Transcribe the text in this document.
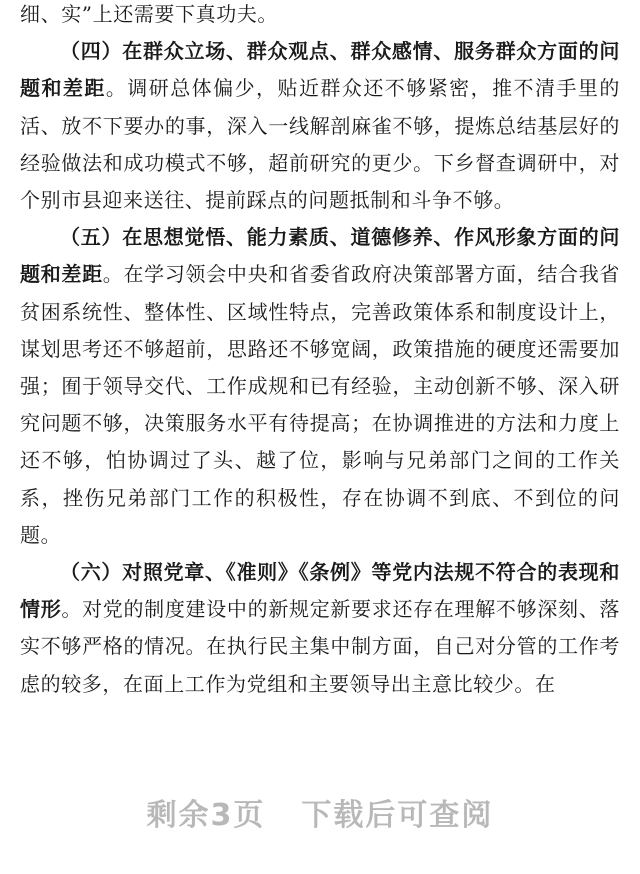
细、实”上还需要下真功夫。

（四）在群众立场、群众观点、群众感情、服务群众方面的问题和差距。调研总体偏少，贴近群众还不够紧密，推不清手里的活、放不下要办的事，深入一线解剖麻雀不够，提炼总结基层好的经验做法和成功模式不够，超前研究的更少。下乡督查调研中，对个别市县迎来送往、提前踩点的问题抵制和斗争不够。

（五）在思想觉悟、能力素质、道德修养、作风形象方面的问题和差距。在学习领会中央和省委省政府决策部署方面，结合我省贫困系统性、整体性、区域性特点，完善政策体系和制度设计上，谋划思考还不够超前，思路还不够宽阔，政策措施的硬度还需要加强；囿于领导交代、工作成规和已有经验，主动创新不够、深入研究问题不够，决策服务水平有待提高；在协调推进的方法和力度上还不够，怕协调过了头、越了位，影响与兄弟部门之间的工作关系，挫伤兄弟部门工作的积极性，存在协调不到底、不到位的问题。

（六）对照党章、《准则》《条例》等党内法规不符合的表现和情形。对党的制度建设中的新规定新要求还存在理解不够深刻、落实不够严格的情况。在执行民主集中制方面，自己对分管的工作考虑的较多，在面上工作为党组和主要领导出主意比较少。在

剩余3页 下载后可查阅
